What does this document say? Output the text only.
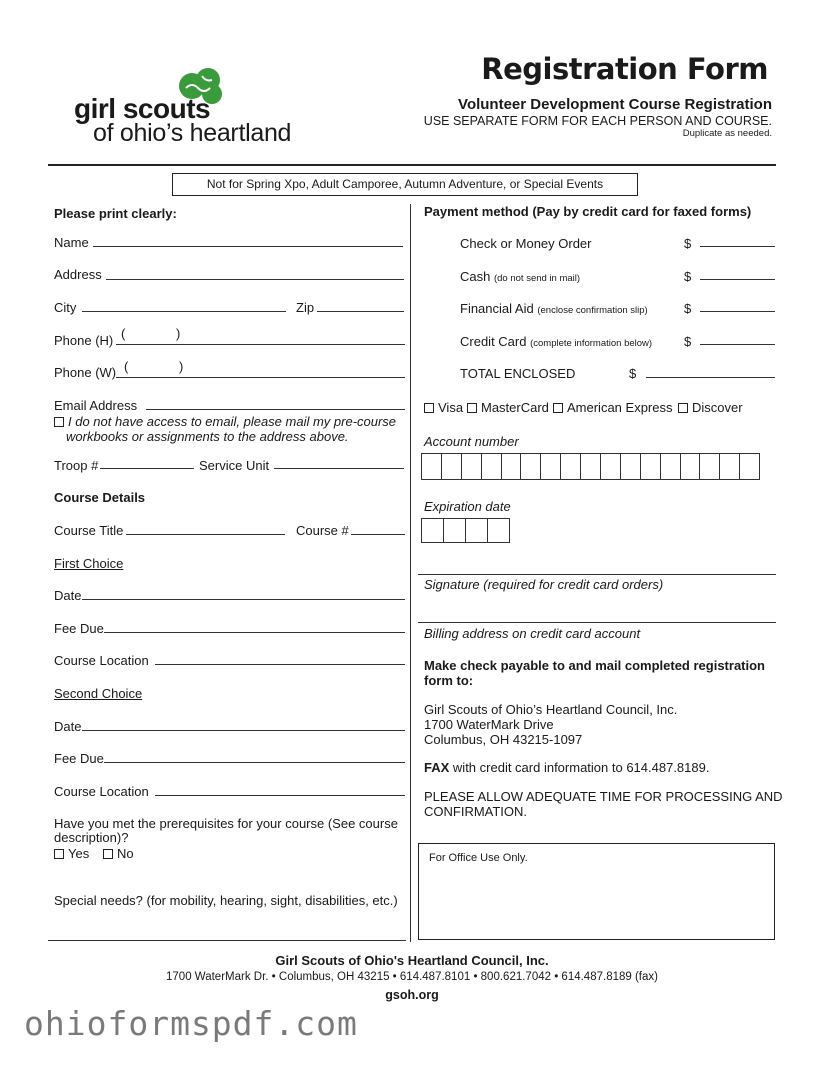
girl scouts
of ohio’s heartland
Registration Form
Volunteer Development Course Registration
USE SEPARATE FORM FOR EACH PERSON AND COURSE.
Duplicate as needed.
Not for Spring Xpo, Adult Camporee, Autumn Adventure, or Special Events
Please print clearly:
Name
Address
City	Zip
Phone (H) (	)
Phone (W) (	)
Email Address
I do not have access to email, please mail my pre-course
workbooks or assignments to the address above.
Troop #	Service Unit
Course Details
Course Title	Course #
First Choice
Date
Fee Due
Course Location
Second Choice
Date
Fee Due
Course Location
Have you met the prerequisites for your course (See course
description)?
Yes	No
Special needs? (for mobility, hearing, sight, disabilities, etc.)
Payment method (Pay by credit card for faxed forms)
Check or Money Order	$
Cash (do not send in mail)	$
Financial Aid (enclose confirmation slip)	$
Credit Card (complete information below) $
TOTAL ENCLOSED	$
Visa	MasterCard	American Express	Discover
Account number
Expiration date
Signature (required for credit card orders)
Billing address on credit card account
Make check payable to and mail completed registration
form to:
Girl Scouts of Ohio’s Heartland Council, Inc.
1700 WaterMark Drive
Columbus, OH 43215-1097
FAX with credit card information to 614.487.8189.
PLEASE ALLOW ADEQUATE TIME FOR PROCESSING AND
CONFIRMATION.
For Office Use Only.
Girl Scouts of Ohio's Heartland Council, Inc.
1700 WaterMark Dr. • Columbus, OH 43215 • 614.487.8101 • 800.621.7042 • 614.487.8189 (fax)
gsoh.org
ohioformspdf.com
